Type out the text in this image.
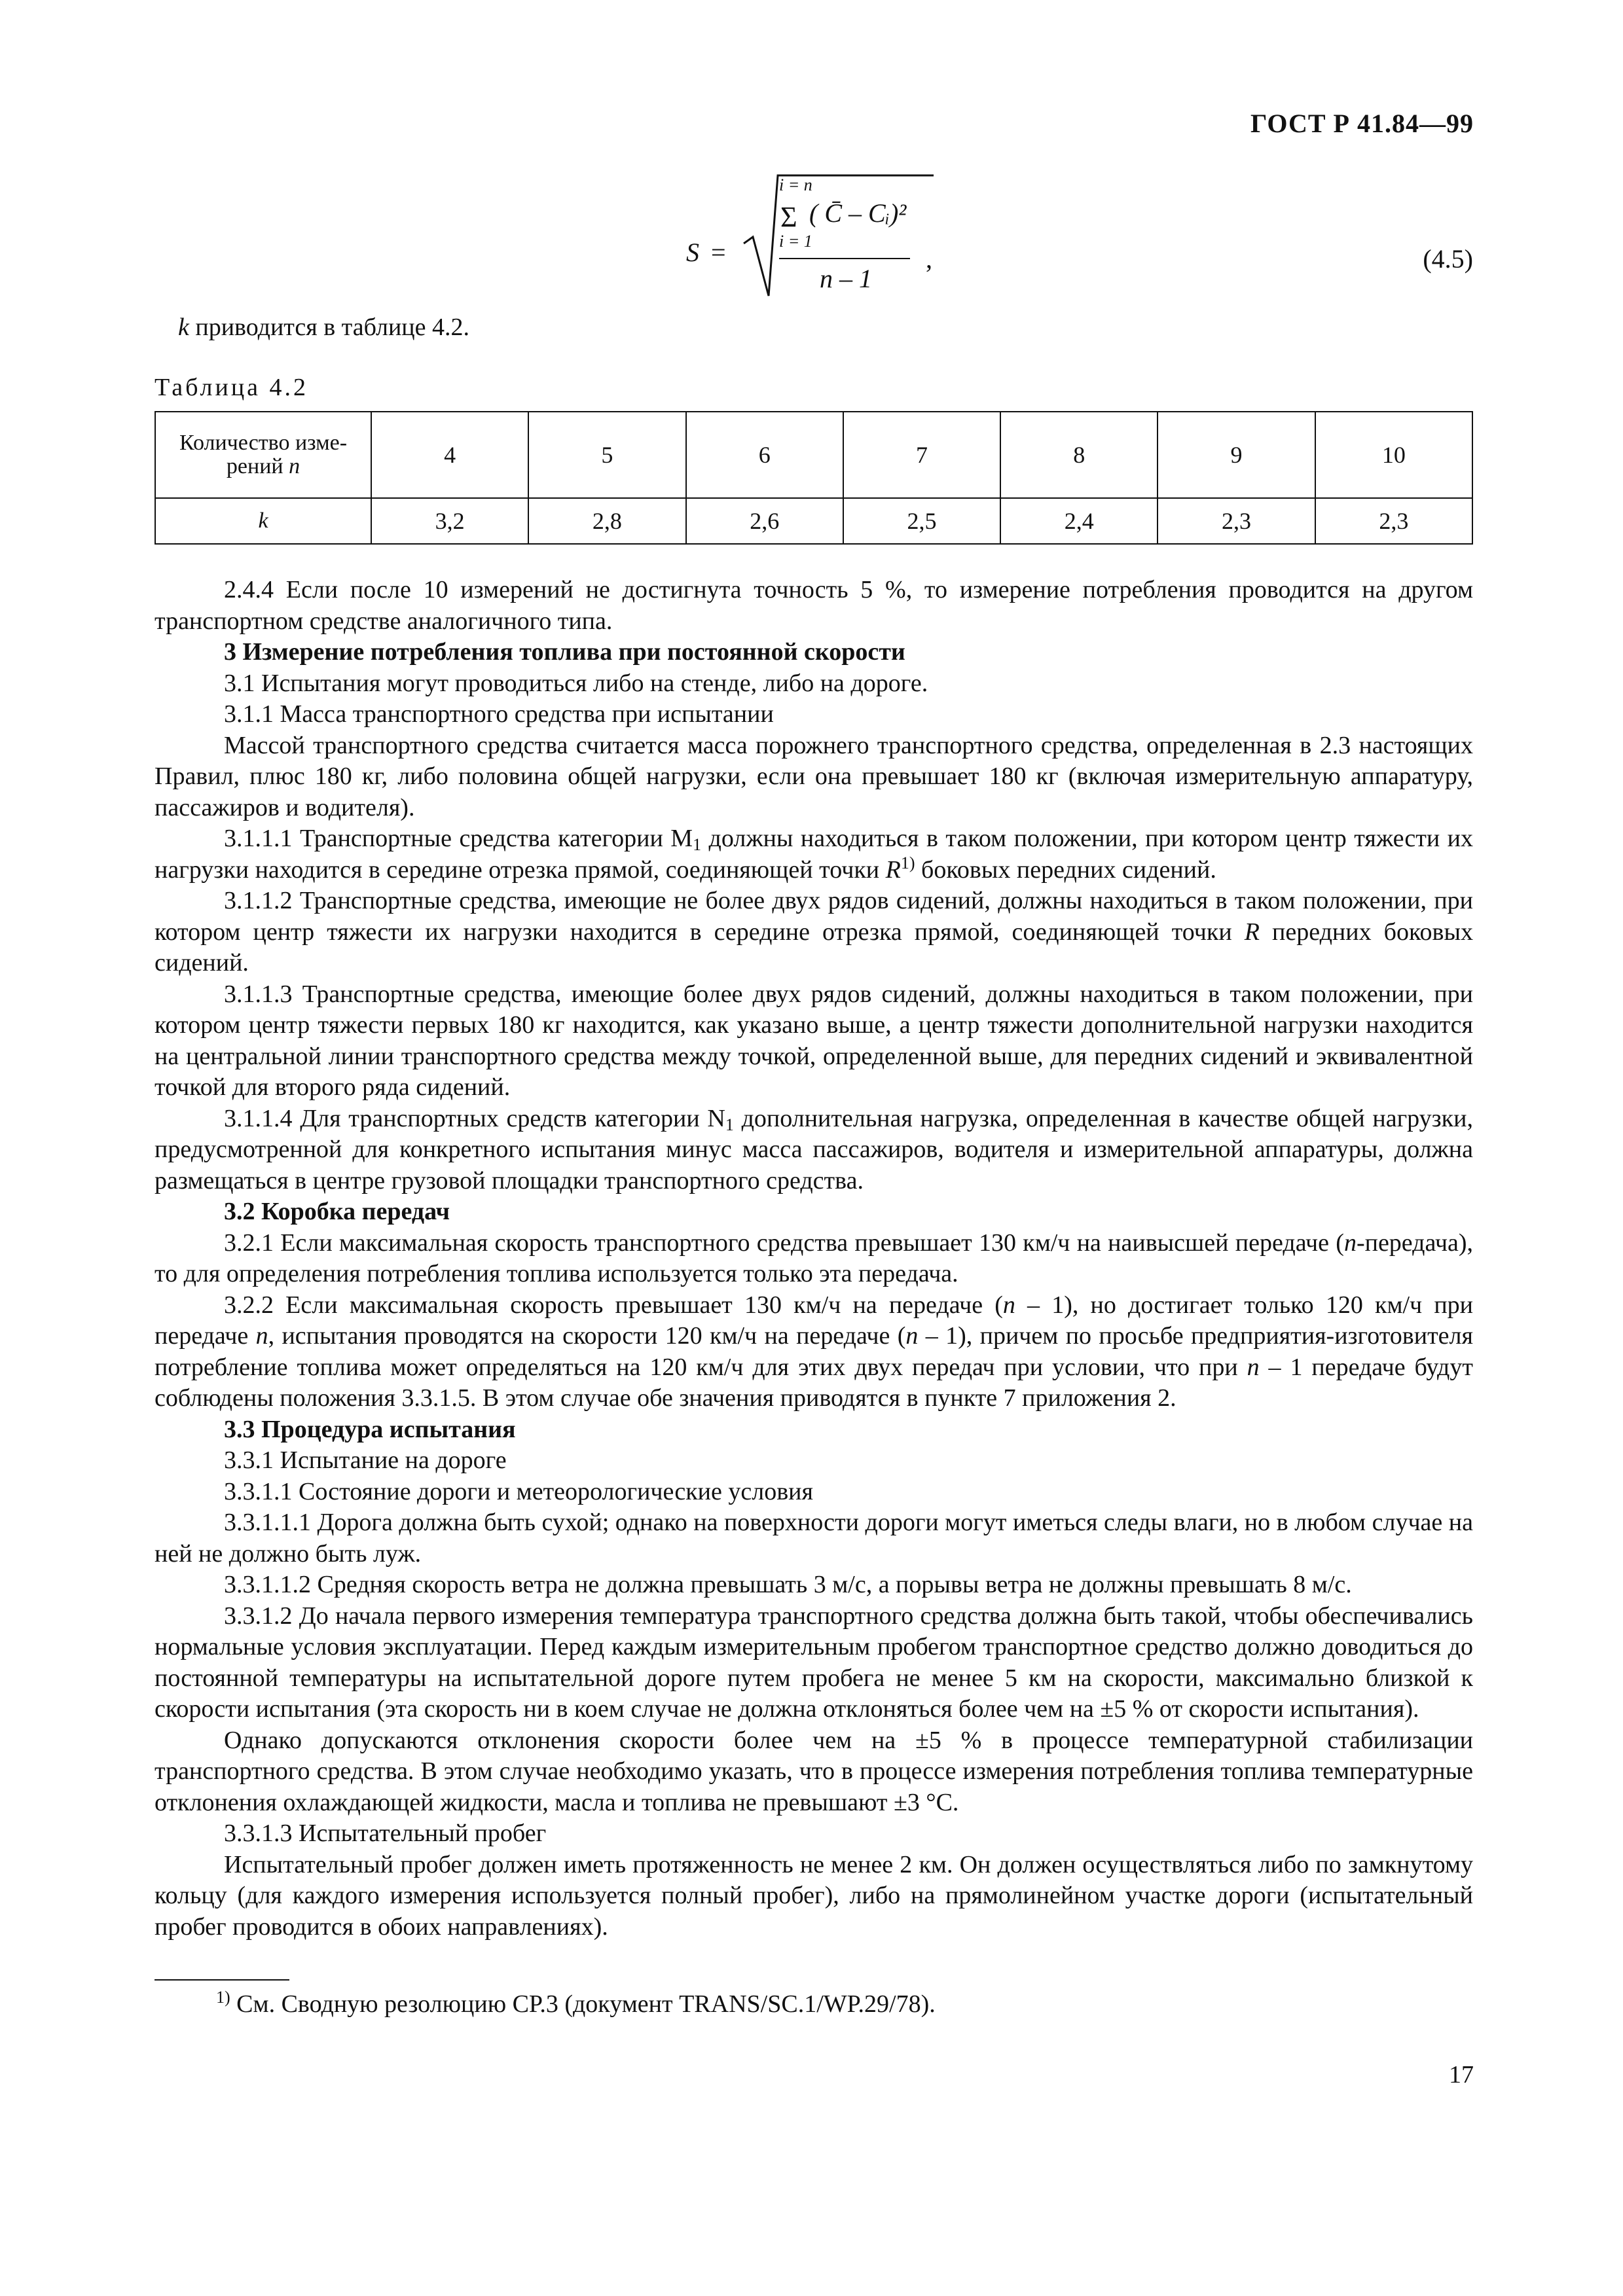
ГОСТ Р 41.84—99
S =
i = n
Σ ( C̄ – Cᵢ)²
i = 1
n – 1
,	(4.5)
k приводится в таблице 4.2.
Таблица 4.2
Количество изме-рений n	4	5	6	7	8	9	10
k	3,2	2,8	2,6	2,5	2,4	2,3	2,3

2.4.4 Если после 10 измерений не достигнута точность 5 %, то измерение потребления проводится на другом транспортном средстве аналогичного типа.

3 Измерение потребления топлива при постоянной скорости

3.1 Испытания могут проводиться либо на стенде, либо на дороге.

3.1.1 Масса транспортного средства при испытании

Массой транспортного средства считается масса порожнего транспортного средства, определенная в 2.3 настоящих Правил, плюс 180 кг, либо половина общей нагрузки, если она превышает 180 кг (включая измерительную аппаратуру, пассажиров и водителя).

3.1.1.1 Транспортные средства категории $M_1$ должны находиться в таком положении, при котором центр тяжести их нагрузки находится в середине отрезка прямой, соединяющей точки $R^{1)}$ боковых передних сидений.

3.1.1.2 Транспортные средства, имеющие не более двух рядов сидений, должны находиться в таком положении, при котором центр тяжести их нагрузки находится в середине отрезка прямой, соединяющей точки R передних боковых сидений.

3.1.1.3 Транспортные средства, имеющие более двух рядов сидений, должны находиться в таком положении, при котором центр тяжести первых 180 кг находится, как указано выше, а центр тяжести дополнительной нагрузки находится на центральной линии транспортного средства между точкой, определенной выше, для передних сидений и эквивалентной точкой для второго ряда сидений.

3.1.1.4 Для транспортных средств категории $N_1$ дополнительная нагрузка, определенная в качестве общей нагрузки, предусмотренной для конкретного испытания минус масса пассажиров, водителя и измерительной аппаратуры, должна размещаться в центре грузовой площадки транспортного средства.

3.2 Коробка передач

3.2.1 Если максимальная скорость транспортного средства превышает 130 км/ч на наивысшей передаче (n-передача), то для определения потребления топлива используется только эта передача.

3.2.2 Если максимальная скорость превышает 130 км/ч на передаче (n – 1), но достигает только 120 км/ч при передаче n, испытания проводятся на скорости 120 км/ч на передаче (n – 1), причем по просьбе предприятия-изготовителя потребление топлива может определяться на 120 км/ч для этих двух передач при условии, что при n – 1 передаче будут соблюдены положения 3.3.1.5. В этом случае обе значения приводятся в пункте 7 приложения 2.

3.3 Процедура испытания

3.3.1 Испытание на дороге

3.3.1.1 Состояние дороги и метеорологические условия

3.3.1.1.1 Дорога должна быть сухой; однако на поверхности дороги могут иметься следы влаги, но в любом случае на ней не должно быть луж.

3.3.1.1.2 Средняя скорость ветра не должна превышать 3 м/с, а порывы ветра не должны превышать 8 м/с.

3.3.1.2 До начала первого измерения температура транспортного средства должна быть такой, чтобы обеспечивались нормальные условия эксплуатации. Перед каждым измерительным пробегом транспортное средство должно доводиться до постоянной температуры на испытательной дороге путем пробега не менее 5 км на скорости, максимально близкой к скорости испытания (эта скорость ни в коем случае не должна отклоняться более чем на ±5 % от скорости испытания).

Однако допускаются отклонения скорости более чем на ±5 % в процессе температурной стабилизации транспортного средства. В этом случае необходимо указать, что в процессе измерения потребления топлива температурные отклонения охлаждающей жидкости, масла и топлива не превышают ±3 °С.

3.3.1.3 Испытательный пробег

Испытательный пробег должен иметь протяженность не менее 2 км. Он должен осуществляться либо по замкнутому кольцу (для каждого измерения используется полный пробег), либо на прямолинейном участке дороги (испытательный пробег проводится в обоих направлениях).

$^{1)}$ См. Сводную резолюцию СР.3 (документ TRANS/SC.1/WP.29/78).
17
